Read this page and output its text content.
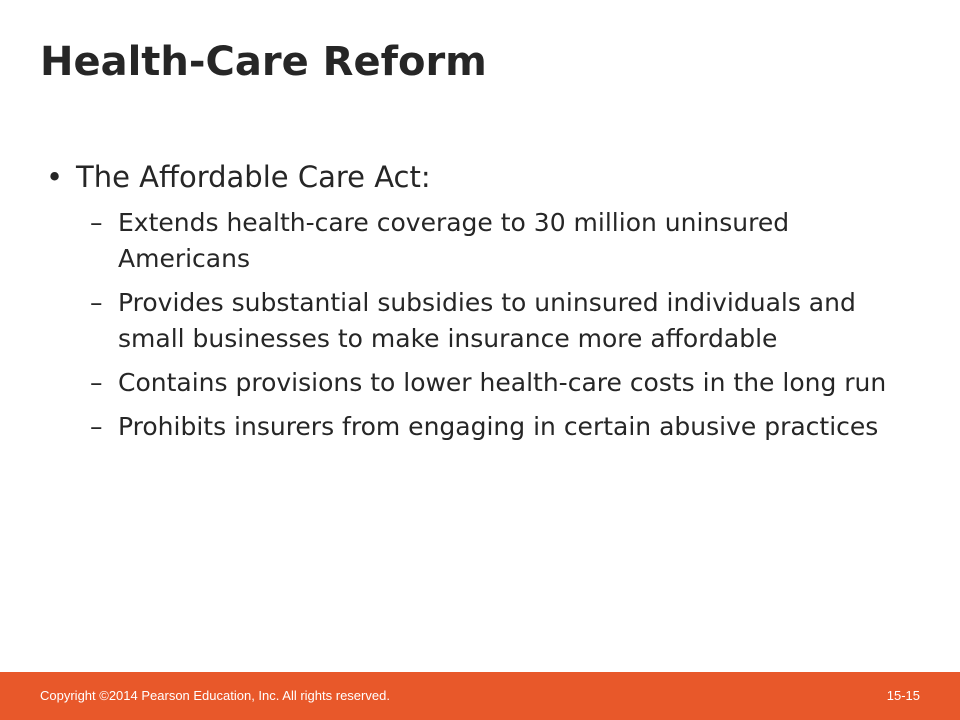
Health-Care Reform
• The Affordable Care Act:
– Extends health-care coverage to 30 million uninsured Americans
– Provides substantial subsidies to uninsured individuals and small businesses to make insurance more affordable
– Contains provisions to lower health-care costs in the long run
– Prohibits insurers from engaging in certain abusive practices
Copyright ©2014 Pearson Education, Inc. All rights reserved.	15-15
